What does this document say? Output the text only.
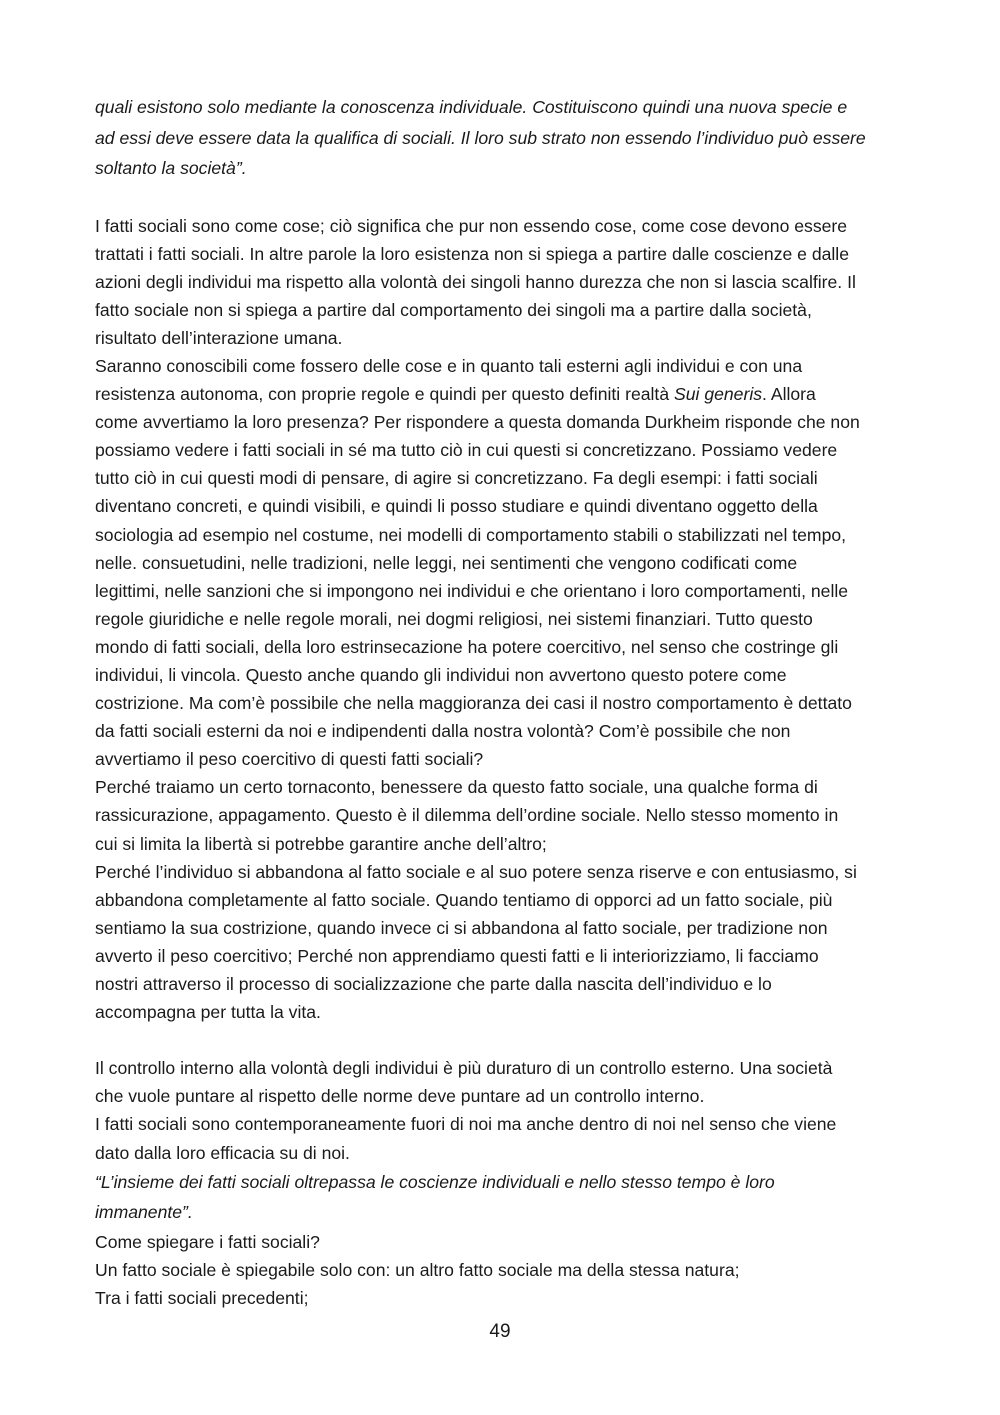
quali esistono solo mediante la conoscenza individuale. Costituiscono quindi una nuova specie e
ad essi deve essere data la qualifica di sociali. Il loro sub strato non essendo l’individuo può essere
soltanto la società”.
I fatti sociali sono come cose; ciò significa che pur non essendo cose, come cose devono essere
trattati i fatti sociali. In altre parole la loro esistenza non si spiega a partire dalle coscienze e dalle
azioni degli individui ma rispetto alla volontà dei singoli hanno durezza che non si lascia scalfire. Il
fatto sociale non si spiega a partire dal comportamento dei singoli ma a partire dalla società,
risultato dell’interazione umana.
Saranno conoscibili come fossero delle cose e in quanto tali esterni agli individui e con una
resistenza autonoma, con proprie regole e quindi per questo definiti realtà Sui generis. Allora
come avvertiamo la loro presenza? Per rispondere a questa domanda Durkheim risponde che non
possiamo vedere i fatti sociali in sé ma tutto ciò in cui questi si concretizzano. Possiamo vedere
tutto ciò in cui questi modi di pensare, di agire si concretizzano. Fa degli esempi: i fatti sociali
diventano concreti, e quindi visibili, e quindi li posso studiare e quindi diventano oggetto della
sociologia ad esempio nel costume, nei modelli di comportamento stabili o stabilizzati nel tempo,
nelle. consuetudini, nelle tradizioni, nelle leggi, nei sentimenti che vengono codificati come
legittimi, nelle sanzioni che si impongono nei individui e che orientano i loro comportamenti, nelle
regole giuridiche e nelle regole morali, nei dogmi religiosi, nei sistemi finanziari. Tutto questo
mondo di fatti sociali, della loro estrinsecazione ha potere coercitivo, nel senso che costringe gli
individui, li vincola. Questo anche quando gli individui non avvertono questo potere come
costrizione. Ma com’è possibile che nella maggioranza dei casi il nostro comportamento è dettato
da fatti sociali esterni da noi e indipendenti dalla nostra volontà? Com’è possibile che non
avvertiamo il peso coercitivo di questi fatti sociali?
Perché traiamo un certo tornaconto, benessere da questo fatto sociale, una qualche forma di
rassicurazione, appagamento. Questo è il dilemma dell’ordine sociale. Nello stesso momento in
cui si limita la libertà si potrebbe garantire anche dell’altro;
Perché l’individuo si abbandona al fatto sociale e al suo potere senza riserve e con entusiasmo, si
abbandona completamente al fatto sociale. Quando tentiamo di opporci ad un fatto sociale, più
sentiamo la sua costrizione, quando invece ci si abbandona al fatto sociale, per tradizione non
avverto il peso coercitivo; Perché non apprendiamo questi fatti e li interiorizziamo, li facciamo
nostri attraverso il processo di socializzazione che parte dalla nascita dell’individuo e lo
accompagna per tutta la vita.
Il controllo interno alla volontà degli individui è più duraturo di un controllo esterno. Una società
che vuole puntare al rispetto delle norme deve puntare ad un controllo interno.
I fatti sociali sono contemporaneamente fuori di noi ma anche dentro di noi nel senso che viene
dato dalla loro efficacia su di noi.
“L’insieme dei fatti sociali oltrepassa le coscienze individuali e nello stesso tempo è loro
immanente”.
Come spiegare i fatti sociali?
Un fatto sociale è spiegabile solo con: un altro fatto sociale ma della stessa natura;
Tra i fatti sociali precedenti;
49
